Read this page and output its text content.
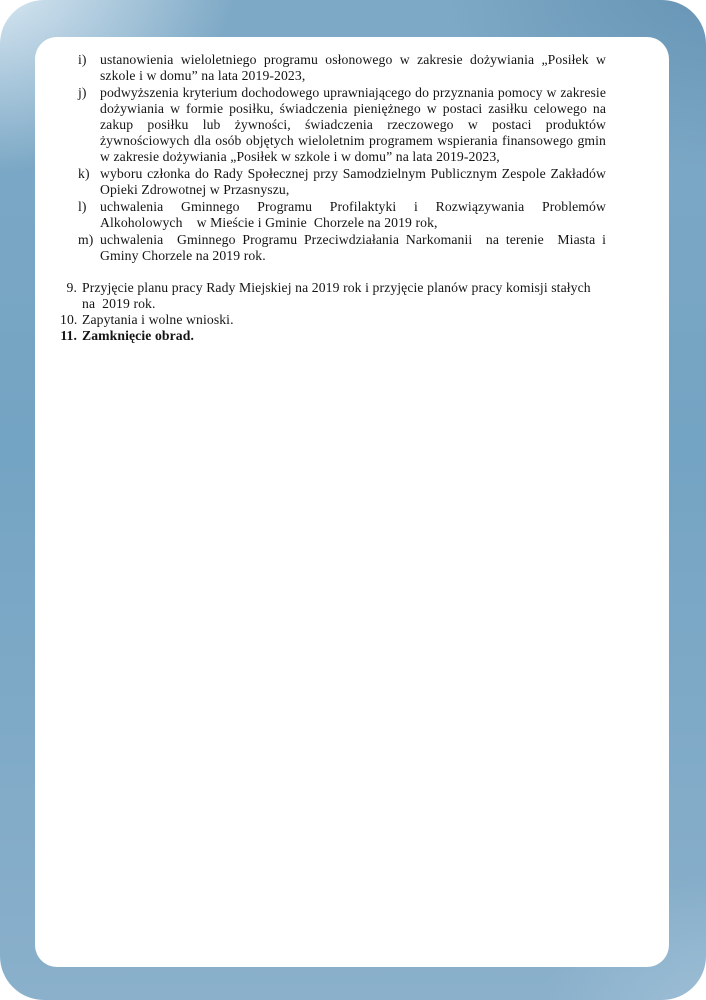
i) ustanowienia wieloletniego programu osłonowego w zakresie dożywiania „Posiłek w szkole i w domu” na lata 2019-2023,
j) podwyższenia kryterium dochodowego uprawniającego do przyznania pomocy w zakresie dożywiania w formie posiłku, świadczenia pieniężnego w postaci zasiłku celowego na zakup posiłku lub żywności, świadczenia rzeczowego w postaci produktów żywnościowych dla osób objętych wieloletnim programem wspierania finansowego gmin w zakresie dożywiania „Posiłek w szkole i w domu” na lata 2019-2023,
k) wyboru członka do Rady Społecznej przy Samodzielnym Publicznym Zespole Zakładów Opieki Zdrowotnej w Przasnyszu,
l) uchwalenia Gminnego Programu Profilaktyki i Rozwiązywania Problemów Alkoholowych    w Mieście i Gminie  Chorzele na 2019 rok,
m) uchwalenia  Gminnego Programu Przeciwdziałania Narkomanii  na terenie  Miasta i Gminy Chorzele na 2019 rok.
9. Przyjęcie planu pracy Rady Miejskiej na 2019 rok i przyjęcie planów pracy komisji stałych na  2019 rok.
10. Zapytania i wolne wnioski.
11. Zamknięcie obrad.
